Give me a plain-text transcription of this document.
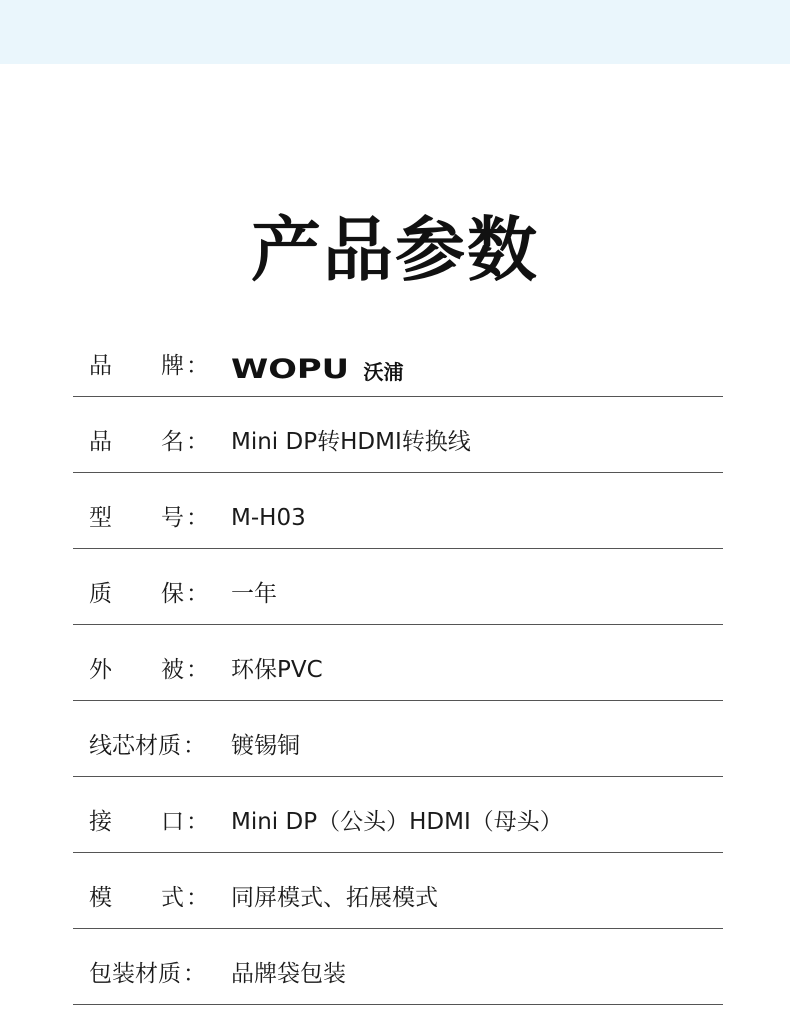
产品参数
品 牌： WOPU 沃浦
品 名： Mini DP转HDMI转换线
型 号： M-H03
质 保： 一年
外 被： 环保PVC
线芯材质： 镀锡铜
接 口： Mini DP（公头）HDMI（母头）
模 式： 同屏模式、拓展模式
包装材质： 品牌袋包装
